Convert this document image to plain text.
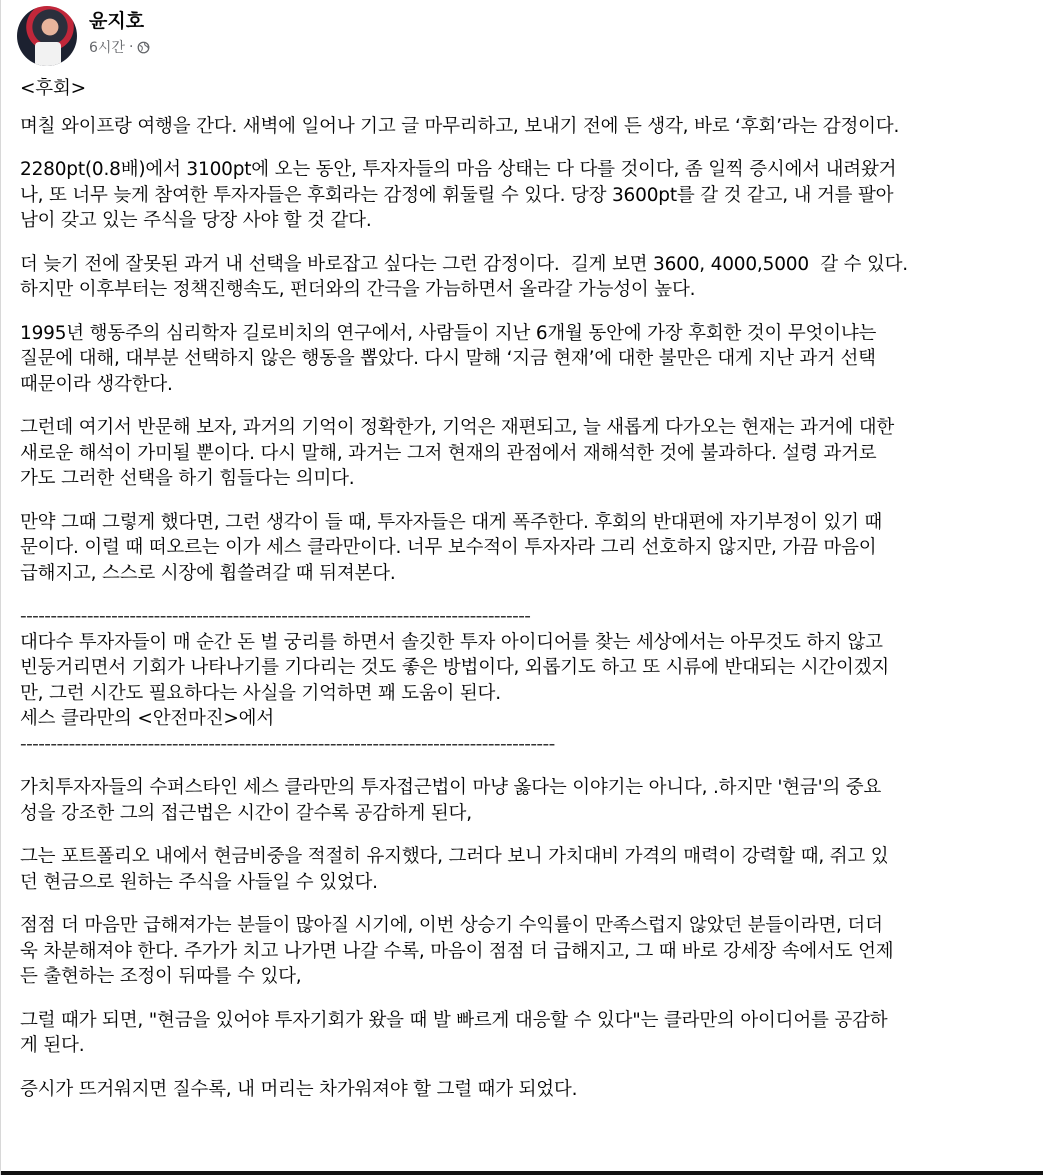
윤지호
6시간 ·
<후회>
며칠 와이프랑 여행을 간다. 새벽에 일어나 기고 글 마무리하고, 보내기 전에 든 생각, 바로 ‘후회’라는 감정이다.
2280pt(0.8배)에서 3100pt에 오는 동안, 투자자들의 마음 상태는 다 다를 것이다, 좀 일찍 증시에서 내려왔거
나, 또 너무 늦게 참여한 투자자들은 후회라는 감정에 휘둘릴 수 있다. 당장 3600pt를 갈 것 같고, 내 거를 팔아
남이 갖고 있는 주식을 당장 사야 할 것 같다.
더 늦기 전에 잘못된 과거 내 선택을 바로잡고 싶다는 그런 감정이다.  길게 보면 3600, 4000,5000  갈 수 있다.
하지만 이후부터는 정책진행속도, 펀더와의 간극을 가늠하면서 올라갈 가능성이 높다.
1995년 행동주의 심리학자 길로비치의 연구에서, 사람들이 지난 6개월 동안에 가장 후회한 것이 무엇이냐는
질문에 대해, 대부분 선택하지 않은 행동을 뽑았다. 다시 말해 ‘지금 현재’에 대한 불만은 대게 지난 과거 선택
때문이라 생각한다.
그런데 여기서 반문해 보자, 과거의 기억이 정확한가, 기억은 재편되고, 늘 새롭게 다가오는 현재는 과거에 대한
새로운 해석이 가미될 뿐이다. 다시 말해, 과거는 그저 현재의 관점에서 재해석한 것에 불과하다. 설령 과거로
가도 그러한 선택을 하기 힘들다는 의미다.
만약 그때 그렇게 했다면, 그런 생각이 들 때, 투자자들은 대게 폭주한다. 후회의 반대편에 자기부정이 있기 때
문이다. 이럴 때 떠오르는 이가 세스 클라만이다. 너무 보수적이 투자자라 그리 선호하지 않지만, 가끔 마음이
급해지고, 스스로 시장에 휩쓸려갈 때 뒤져본다.
------------------------------------------------------------------------------------
대다수 투자자들이 매 순간 돈 벌 궁리를 하면서 솔깃한 투자 아이디어를 찾는 세상에서는 아무것도 하지 않고
빈둥거리면서 기회가 나타나기를 기다리는 것도 좋은 방법이다, 외롭기도 하고 또 시류에 반대되는 시간이겠지
만, 그런 시간도 필요하다는 사실을 기억하면 꽤 도움이 된다.
세스 클라만의 <안전마진>에서
----------------------------------------------------------------------------------------
가치투자자들의 수퍼스타인 세스 클라만의 투자접근법이 마냥 옳다는 이야기는 아니다, .하지만 '현금'의 중요
성을 강조한 그의 접근법은 시간이 갈수록 공감하게 된다,
그는 포트폴리오 내에서 현금비중을 적절히 유지했다, 그러다 보니 가치대비 가격의 매력이 강력할 때, 쥐고 있
던 현금으로 원하는 주식을 사들일 수 있었다.
점점 더 마음만 급해져가는 분들이 많아질 시기에, 이번 상승기 수익률이 만족스럽지 않았던 분들이라면, 더더
욱 차분해져야 한다. 주가가 치고 나가면 나갈 수록, 마음이 점점 더 급해지고, 그 때 바로 강세장 속에서도 언제
든 출현하는 조정이 뒤따를 수 있다,
그럴 때가 되면, "현금을 있어야 투자기회가 왔을 때 발 빠르게 대응할 수 있다"는 클라만의 아이디어를 공감하
게 된다.
증시가 뜨거워지면 질수록, 내 머리는 차가워져야 할 그럴 때가 되었다.
